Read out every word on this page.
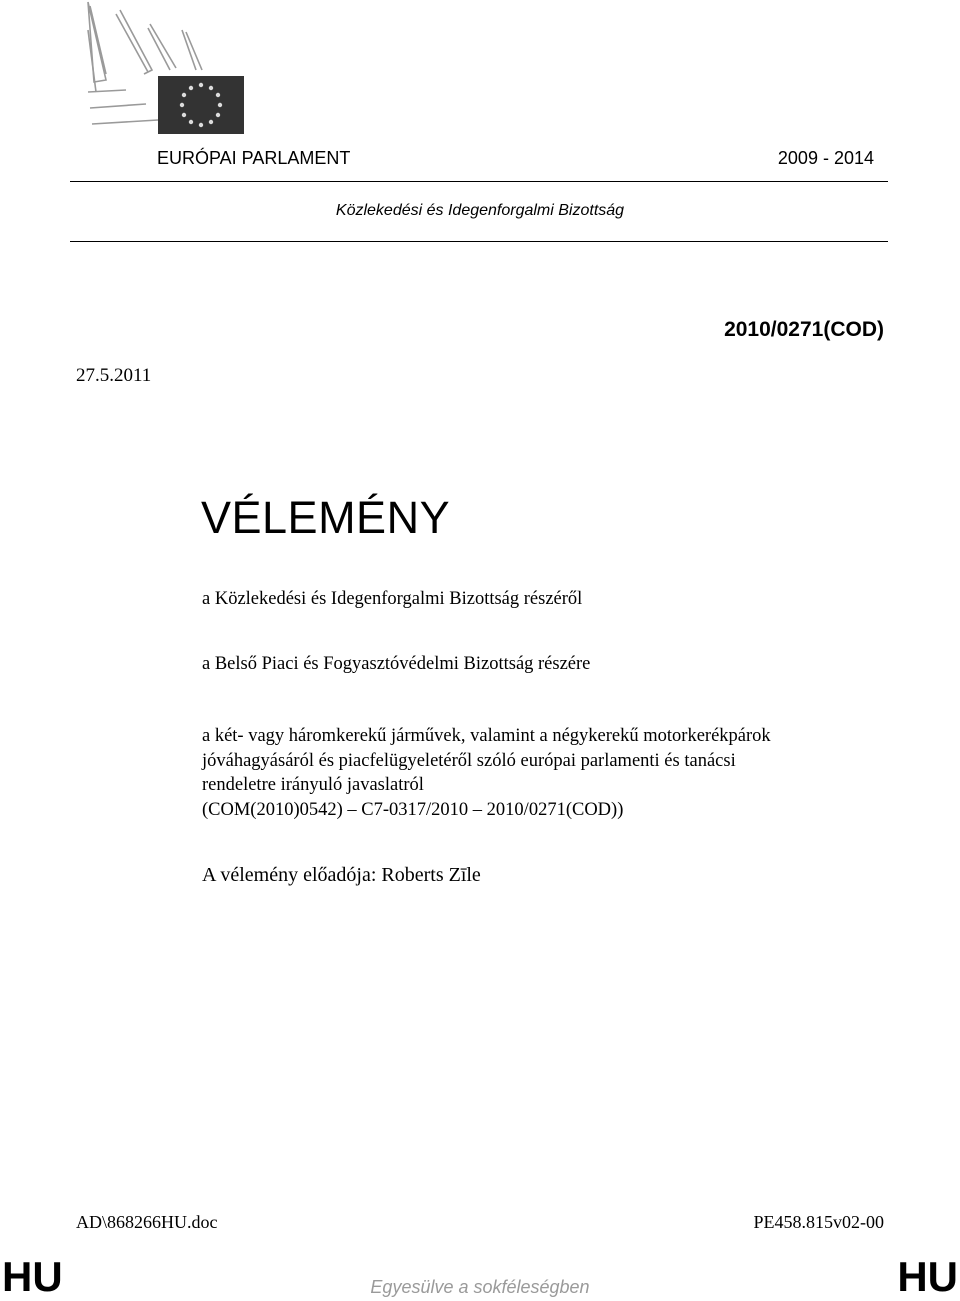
EURÓPAI PARLAMENT	2009 - 2014
Közlekedési és Idegenforgalmi Bizottság
2010/0271(COD)
27.5.2011
VÉLEMÉNY
a Közlekedési és Idegenforgalmi Bizottság részéről
a Belső Piaci és Fogyasztóvédelmi Bizottság részére
a két- vagy háromkerekű járművek, valamint a négykerekű motorkerékpárok
jóváhagyásáról és piacfelügyeletéről szóló európai parlamenti és tanácsi
rendeletre irányuló javaslatról
(COM(2010)0542) – C7-0317/2010 – 2010/0271(COD))
A vélemény előadója: Roberts Zīle
AD\868266HU.doc	PE458.815v02-00
Egyesülve a sokféleségben
HU	HU
